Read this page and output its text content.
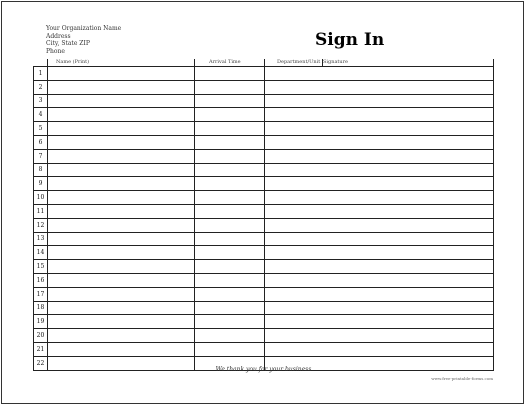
Your Organization Name
Address
City, State ZIP
Phone
Sign In
	Name (Print)	Arrival Time	Department/Unit	Signature
1				
2				
3				
4				
5				
6				
7				
8				
9				
10				
11				
12				
13				
14				
15				
16				
17				
18				
19				
20				
21				
22				
We thank you for your business
www.free-printable-forms.com
